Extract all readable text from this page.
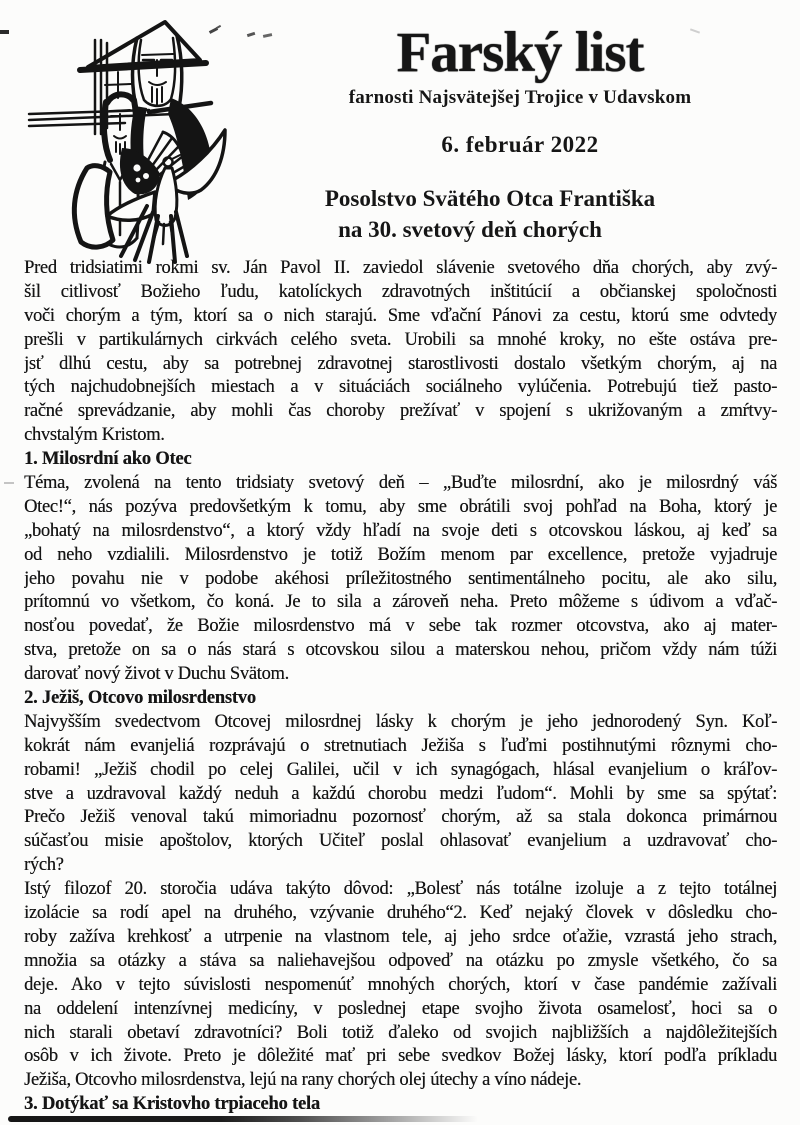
Farský list
farnosti Najsvätejšej Trojice v Udavskom
6. február 2022
Posolstvo Svätého Otca Františka
na 30. svetový deň chorých
Pred tridsiatimi rokmi sv. Ján Pavol II. zaviedol slávenie svetového dňa chorých, aby zvý-
šil citlivosť Božieho ľudu, katolíckych zdravotných inštitúcií a občianskej spoločnosti
voči chorým a tým, ktorí sa o nich starajú. Sme vďační Pánovi za cestu, ktorú sme odvtedy
prešli v partikulárnych cirkvách celého sveta. Urobili sa mnohé kroky, no ešte ostáva pre-
jsť dlhú cestu, aby sa potrebnej zdravotnej starostlivosti dostalo všetkým chorým, aj na
tých najchudobnejších miestach a v situáciách sociálneho vylúčenia. Potrebujú tiež pasto-
račné sprevádzanie, aby mohli čas choroby prežívať v spojení s ukrižovaným a zmŕtvy-
chvstalým Kristom.
1. Milosrdní ako Otec
Téma, zvolená na tento tridsiaty svetový deň – „Buďte milosrdní, ako je milosrdný váš
Otec!“, nás pozýva predovšetkým k tomu, aby sme obrátili svoj pohľad na Boha, ktorý je
„bohatý na milosrdenstvo“, a ktorý vždy hľadí na svoje deti s otcovskou láskou, aj keď sa
od neho vzdialili. Milosrdenstvo je totiž Božím menom par excellence, pretože vyjadruje
jeho povahu nie v podobe akéhosi príležitostného sentimentálneho pocitu, ale ako silu,
prítomnú vo všetkom, čo koná. Je to sila a zároveň neha. Preto môžeme s údivom a vďač-
nosťou povedať, že Božie milosrdenstvo má v sebe tak rozmer otcovstva, ako aj mater-
stva, pretože on sa o nás stará s otcovskou silou a materskou nehou, pričom vždy nám túži
darovať nový život v Duchu Svätom.
2. Ježiš, Otcovo milosrdenstvo
Najvyšším svedectvom Otcovej milosrdnej lásky k chorým je jeho jednorodený Syn. Koľ-
kokrát nám evanjeliá rozprávajú o stretnutiach Ježiša s ľuďmi postihnutými rôznymi cho-
robami! „Ježiš chodil po celej Galilei, učil v ich synagógach, hlásal evanjelium o kráľov-
stve a uzdravoval každý neduh a každú chorobu medzi ľudom“. Mohli by sme sa spýtať:
Prečo Ježiš venoval takú mimoriadnu pozornosť chorým, až sa stala dokonca primárnou
súčasťou misie apoštolov, ktorých Učiteľ poslal ohlasovať evanjelium a uzdravovať cho-
rých?
Istý filozof 20. storočia udáva takýto dôvod: „Bolesť nás totálne izoluje a z tejto totálnej
izolácie sa rodí apel na druhého, vzývanie druhého“2. Keď nejaký človek v dôsledku cho-
roby zažíva krehkosť a utrpenie na vlastnom tele, aj jeho srdce oťažie, vzrastá jeho strach,
množia sa otázky a stáva sa naliehavejšou odpoveď na otázku po zmysle všetkého, čo sa
deje. Ako v tejto súvislosti nespomenúť mnohých chorých, ktorí v čase pandémie zažívali
na oddelení intenzívnej medicíny, v poslednej etape svojho života osamelosť, hoci sa o
nich starali obetaví zdravotníci? Boli totiž ďaleko od svojich najbližších a najdôležitejších
osôb v ich živote. Preto je dôležité mať pri sebe svedkov Božej lásky, ktorí podľa príkladu
Ježiša, Otcovho milosrdenstva, lejú na rany chorých olej útechy a víno nádeje.
3. Dotýkať sa Kristovho trpiaceho tela
